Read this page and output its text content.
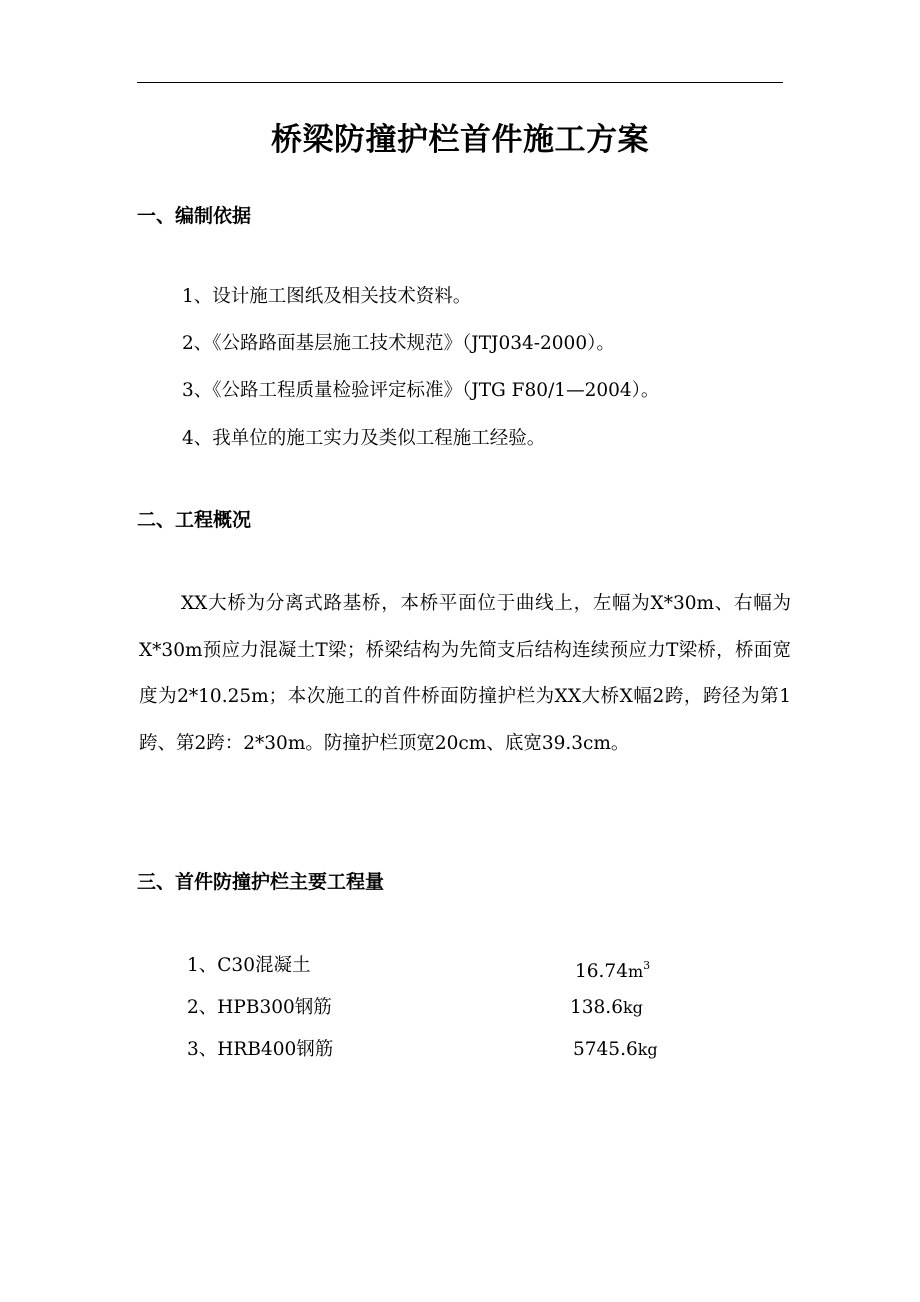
桥梁防撞护栏首件施工方案
一、编制依据

1、设计施工图纸及相关技术资料。

2、《公路路面基层施工技术规范》（JTJ034-2000）。

3、《公路工程质量检验评定标准》（JTG F80/1—2004）。

4、我单位的施工实力及类似工程施工经验。

二、工程概况

XX大桥为分离式路基桥，本桥平面位于曲线上，左幅为X*30m、右幅为X*30m预应力混凝土T梁；桥梁结构为先简支后结构连续预应力T梁桥，桥面宽度为2*10.25m；本次施工的首件桥面防撞护栏为XX大桥X幅2跨，跨径为第1跨、第2跨：2*30m。防撞护栏顶宽20cm、底宽39.3cm。

三、首件防撞护栏主要工程量
1、C30混凝土	$16.74m^3$
2、HPB300钢筋	138.6kg
3、HRB400钢筋	5745.6kg
